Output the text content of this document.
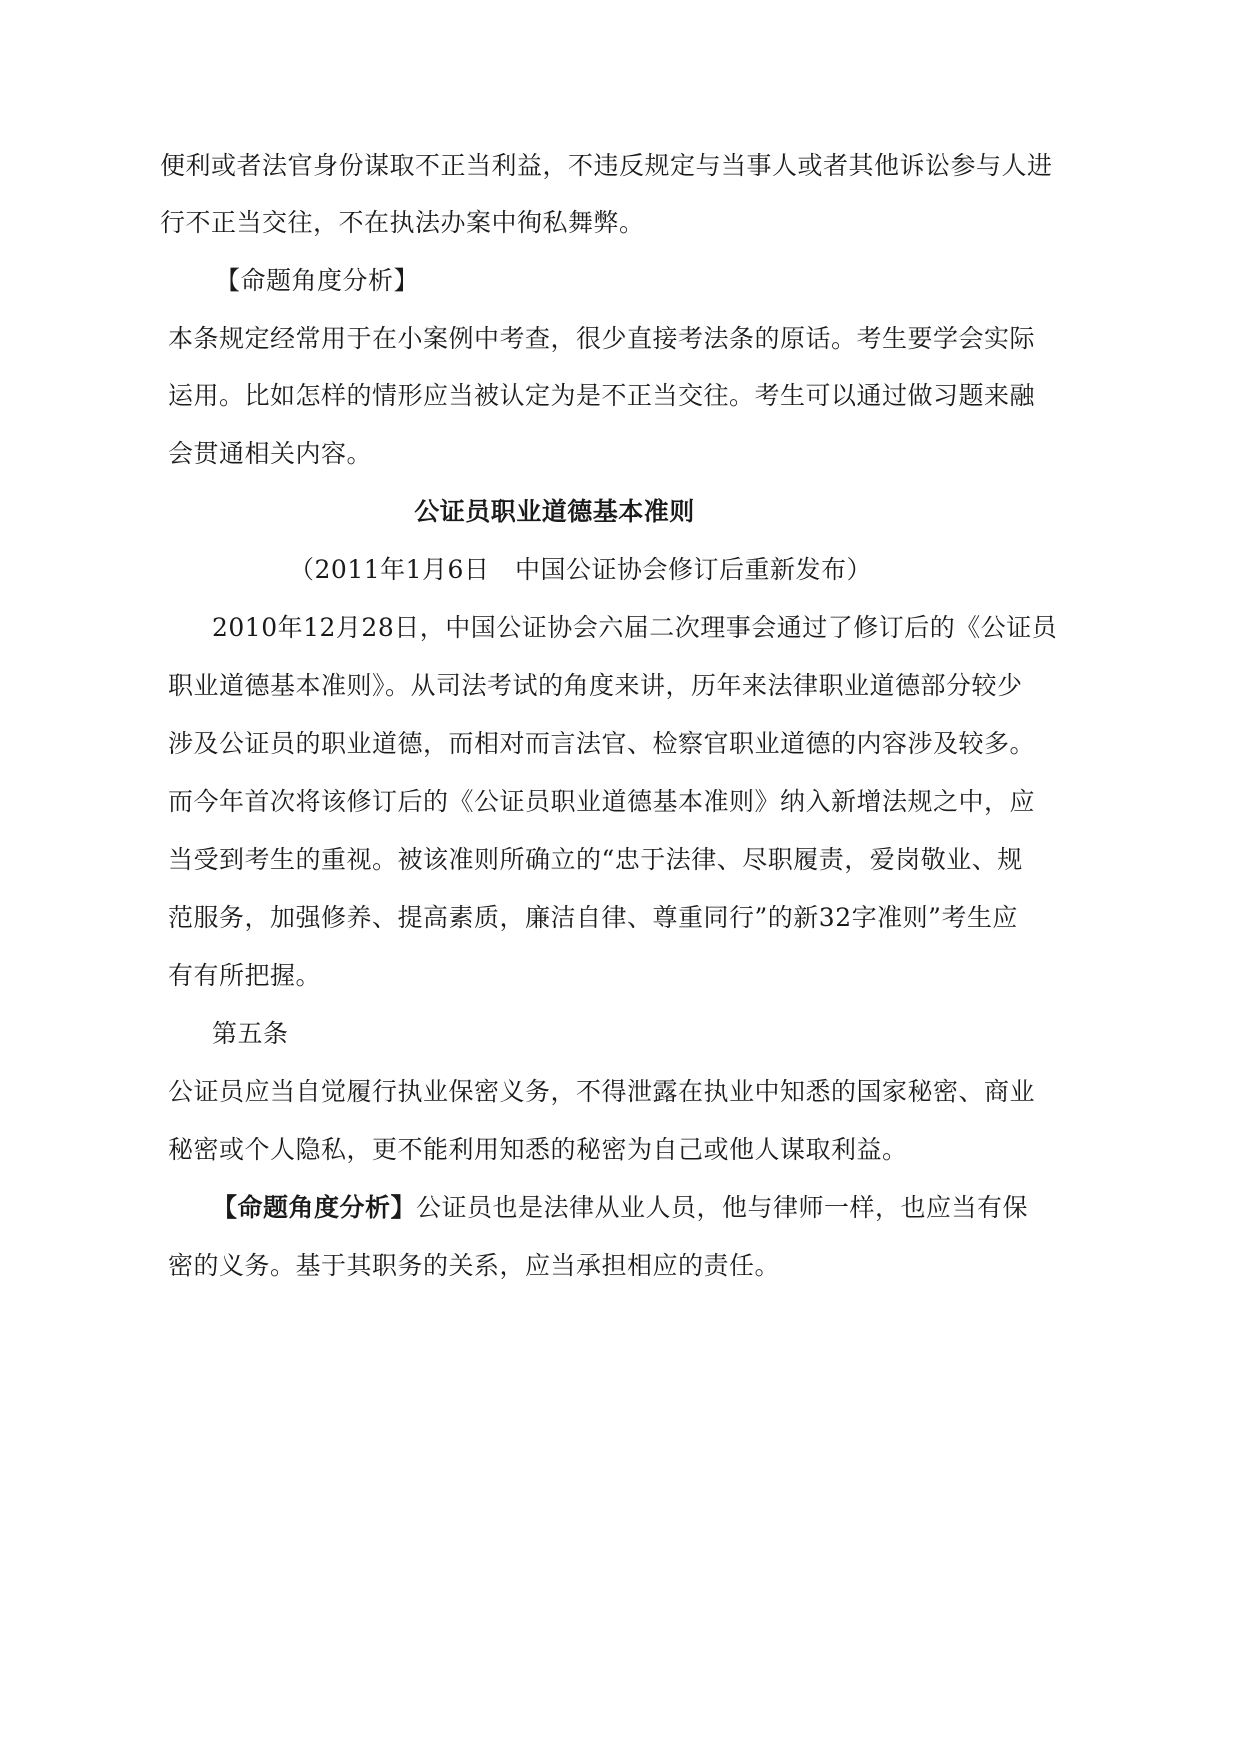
便利或者法官身份谋取不正当利益，不违反规定与当事人或者其他诉讼参与人进
行不正当交往，不在执法办案中徇私舞弊。
【命题角度分析】
本条规定经常用于在小案例中考查，很少直接考法条的原话。考生要学会实际
运用。比如怎样的情形应当被认定为是不正当交往。考生可以通过做习题来融
会贯通相关内容。
公证员职业道德基本准则
（2011年1月6日　中国公证协会修订后重新发布）
2010年12月28日，中国公证协会六届二次理事会通过了修订后的《公证员
职业道德基本准则》。从司法考试的角度来讲，历年来法律职业道德部分较少
涉及公证员的职业道德，而相对而言法官、检察官职业道德的内容涉及较多。
而今年首次将该修订后的《公证员职业道德基本准则》纳入新增法规之中，应
当受到考生的重视。被该准则所确立的“忠于法律、尽职履责，爱岗敬业、规
范服务，加强修养、提高素质，廉洁自律、尊重同行”的新32字准则”考生应
有有所把握。
第五条
公证员应当自觉履行执业保密义务，不得泄露在执业中知悉的国家秘密、商业
秘密或个人隐私，更不能利用知悉的秘密为自己或他人谋取利益。
【命题角度分析】公证员也是法律从业人员，他与律师一样，也应当有保
密的义务。基于其职务的关系，应当承担相应的责任。
